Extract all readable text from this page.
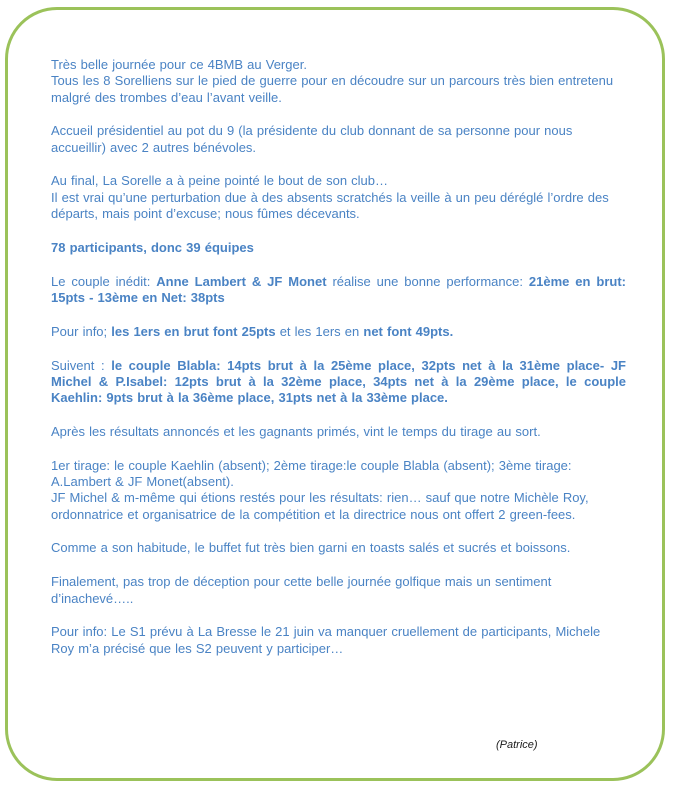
Très belle journée pour ce 4BMB au Verger.
Tous les 8 Sorelliens sur le pied de guerre pour en découdre sur un parcours très bien entretenu malgré des trombes d’eau l’avant veille.

Accueil présidentiel au pot du 9 (la présidente du club donnant de sa personne pour nous accueillir) avec 2 autres bénévoles.

Au final, La Sorelle a à peine pointé le bout de son club…
Il est vrai qu’une perturbation due à des absents scratchés la veille à un peu déréglé l’ordre des départs, mais point d’excuse; nous fûmes décevants.

78 participants, donc 39 équipes

Le couple inédit: Anne Lambert & JF Monet réalise une bonne performance: 21ème en brut: 15pts - 13ème en Net: 38pts

Pour info; les 1ers en brut font 25pts et les 1ers en net font 49pts.

Suivent : le couple Blabla: 14pts brut à la 25ème place, 32pts net à la 31ème place- JF Michel & P.Isabel: 12pts brut à la 32ème place, 34pts net à la 29ème place, le couple Kaehlin: 9pts brut à la 36ème place, 31pts net à la 33ème place.

Après les résultats annoncés et les gagnants primés, vint le temps du tirage au sort.

1er tirage: le couple Kaehlin (absent); 2ème tirage:le couple Blabla (absent); 3ème tirage: A.Lambert & JF Monet(absent).
JF Michel & m-même qui étions restés pour les résultats: rien… sauf que notre Michèle Roy, ordonnatrice et organisatrice de la compétition et la directrice nous ont offert 2 green-fees.

Comme a son habitude, le buffet fut très bien garni en toasts salés et sucrés et boissons.

Finalement, pas trop de déception pour cette belle journée golfique mais un sentiment d’inachevé…..

Pour info: Le S1 prévu à La Bresse le 21 juin va manquer cruellement de participants, Michele Roy m’a précisé que les S2 peuvent y participer…

(Patrice)
